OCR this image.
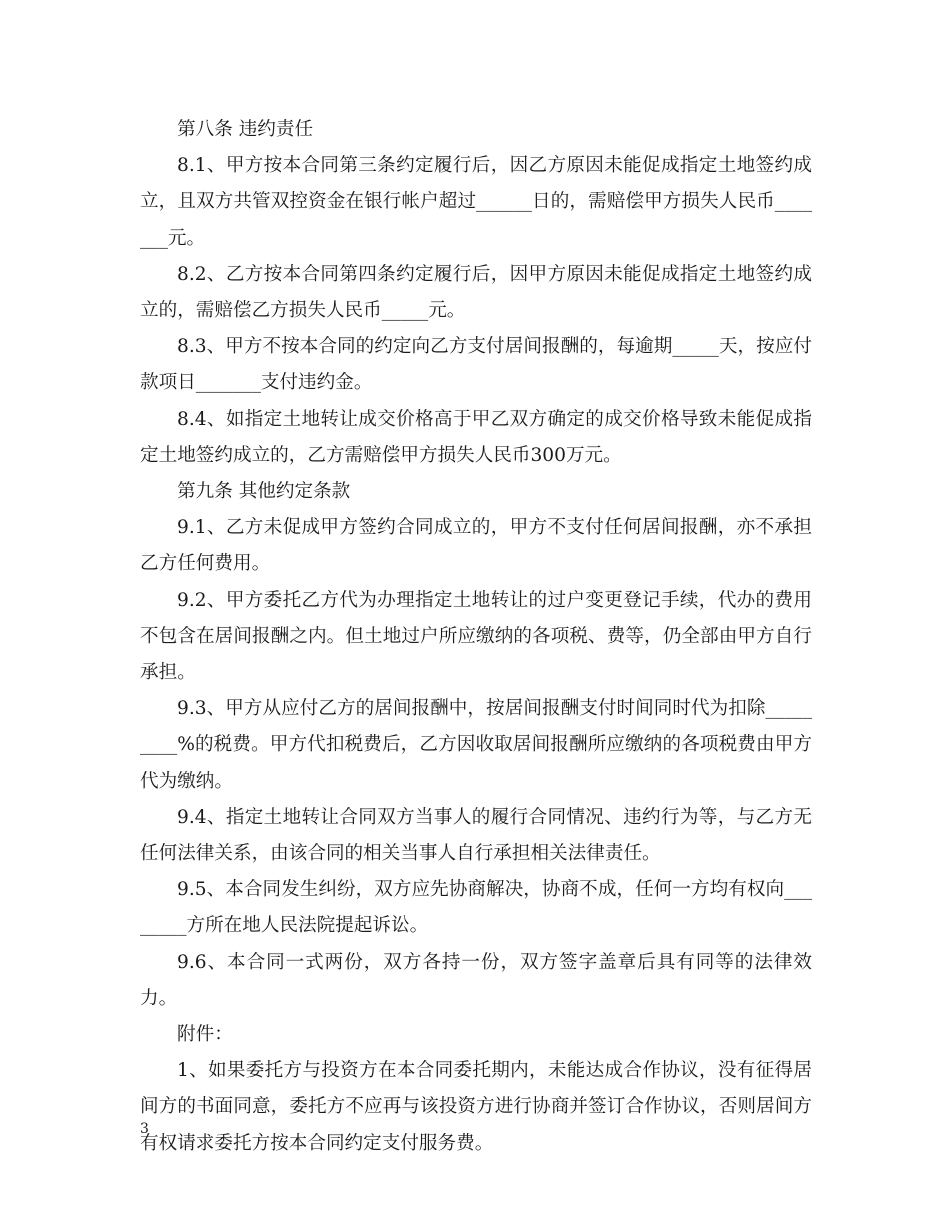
第八条 违约责任

8.1、甲方按本合同第三条约定履行后，因乙方原因未能促成指定土地签约成立，且双方共管双控资金在银行帐户超过______日的，需赔偿甲方损失人民币_______元。

8.2、乙方按本合同第四条约定履行后，因甲方原因未能促成指定土地签约成立的，需赔偿乙方损失人民币_____元。

8.3、甲方不按本合同的约定向乙方支付居间报酬的，每逾期_____天，按应付款项日_______支付违约金。

8.4、如指定土地转让成交价格高于甲乙双方确定的成交价格导致未能促成指定土地签约成立的，乙方需赔偿甲方损失人民币300万元。

第九条 其他约定条款

9.1、乙方未促成甲方签约合同成立的，甲方不支付任何居间报酬，亦不承担乙方任何费用。

9.2、甲方委托乙方代为办理指定土地转让的过户变更登记手续，代办的费用不包含在居间报酬之内。但土地过户所应缴纳的各项税、费等，仍全部由甲方自行承担。

9.3、甲方从应付乙方的居间报酬中，按居间报酬支付时间同时代为扣除_________%的税费。甲方代扣税费后，乙方因收取居间报酬所应缴纳的各项税费由甲方代为缴纳。

9.4、指定土地转让合同双方当事人的履行合同情况、违约行为等，与乙方无任何法律关系，由该合同的相关当事人自行承担相关法律责任。

9.5、本合同发生纠纷，双方应先协商解决，协商不成，任何一方均有权向________方所在地人民法院提起诉讼。

9.6、本合同一式两份，双方各持一份，双方签字盖章后具有同等的法律效力。

附件：

1、如果委托方与投资方在本合同委托期内，未能达成合作协议，没有征得居间方的书面同意，委托方不应再与该投资方进行协商并签订合作协议，否则居间方有权请求委托方按本合同约定支付服务费。

3
